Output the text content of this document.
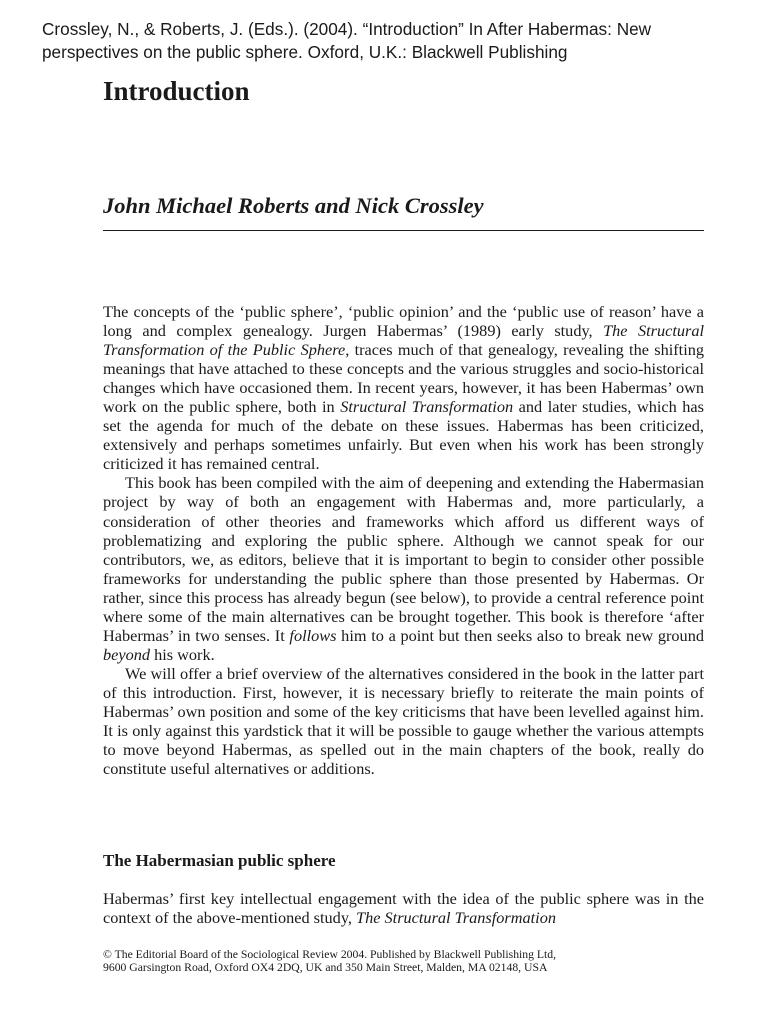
Crossley, N., & Roberts, J. (Eds.). (2004). “Introduction” In After Habermas: New
perspectives on the public sphere. Oxford, U.K.: Blackwell Publishing
Introduction
John Michael Roberts and Nick Crossley

The concepts of the ‘public sphere’, ‘public opinion’ and the ‘public use of reason’ have a long and complex genealogy. Jurgen Habermas’ (1989) early study, The Structural Transformation of the Public Sphere, traces much of that genealogy, revealing the shifting meanings that have attached to these concepts and the various struggles and socio-historical changes which have occasioned them. In recent years, however, it has been Habermas’ own work on the public sphere, both in Structural Transformation and later studies, which has set the agenda for much of the debate on these issues. Habermas has been criticized, extensively and perhaps sometimes unfairly. But even when his work has been strongly criticized it has remained central.

This book has been compiled with the aim of deepening and extending the Habermasian project by way of both an engagement with Habermas and, more particularly, a consideration of other theories and frameworks which afford us different ways of problematizing and exploring the public sphere. Although we cannot speak for our contributors, we, as editors, believe that it is important to begin to consider other possible frameworks for understanding the public sphere than those presented by Habermas. Or rather, since this process has already begun (see below), to provide a central reference point where some of the main alternatives can be brought together. This book is therefore ‘after Habermas’ in two senses. It follows him to a point but then seeks also to break new ground beyond his work.

We will offer a brief overview of the alternatives considered in the book in the latter part of this introduction. First, however, it is necessary briefly to reiterate the main points of Habermas’ own position and some of the key criticisms that have been levelled against him. It is only against this yardstick that it will be possible to gauge whether the various attempts to move beyond Habermas, as spelled out in the main chapters of the book, really do constitute useful alternatives or additions.

The Habermasian public sphere

Habermas’ first key intellectual engagement with the idea of the public sphere was in the context of the above-mentioned study, The Structural Transformation

© The Editorial Board of the Sociological Review 2004. Published by Blackwell Publishing Ltd,
9600 Garsington Road, Oxford OX4 2DQ, UK and 350 Main Street, Malden, MA 02148, USA
